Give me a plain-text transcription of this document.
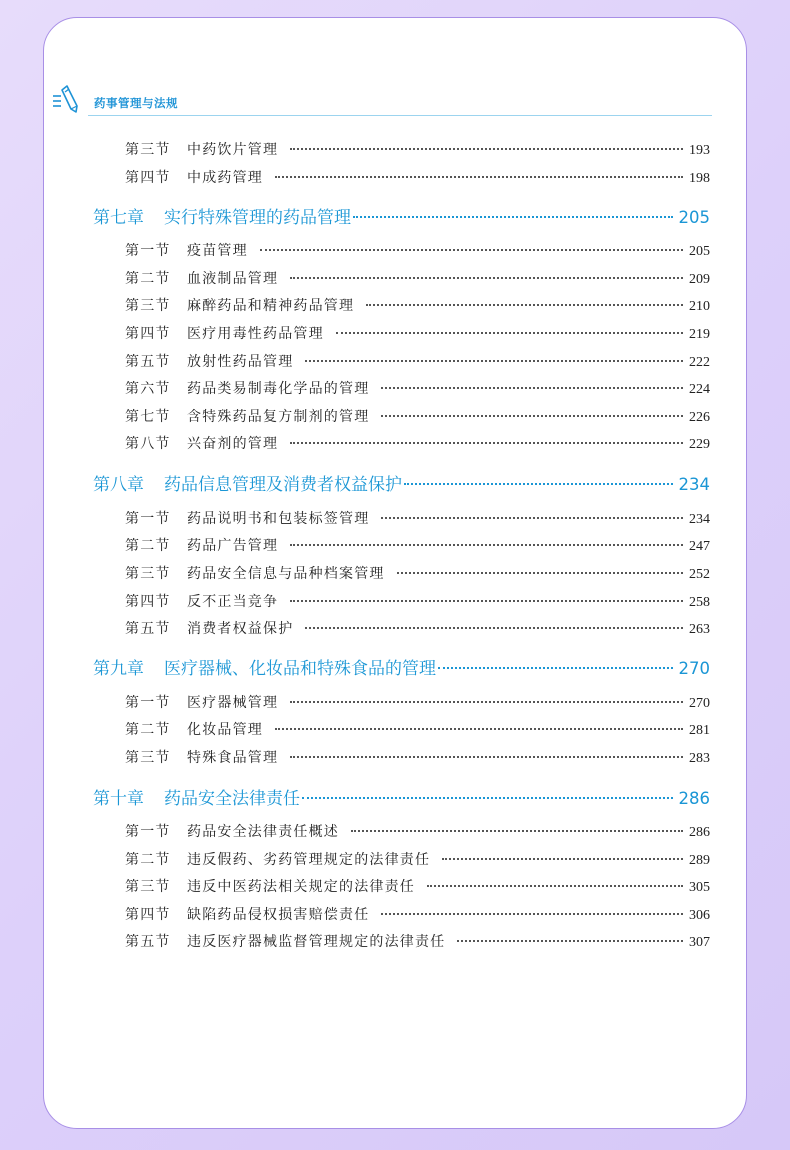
药事管理与法规
第三节	中药饮片管理	193
第四节	中成药管理	198
第七章	实行特殊管理的药品管理	205
第一节	疫苗管理	205
第二节	血液制品管理	209
第三节	麻醉药品和精神药品管理	210
第四节	医疗用毒性药品管理	219
第五节	放射性药品管理	222
第六节	药品类易制毒化学品的管理	224
第七节	含特殊药品复方制剂的管理	226
第八节	兴奋剂的管理	229
第八章	药品信息管理及消费者权益保护	234
第一节	药品说明书和包装标签管理	234
第二节	药品广告管理	247
第三节	药品安全信息与品种档案管理	252
第四节	反不正当竞争	258
第五节	消费者权益保护	263
第九章	医疗器械、化妆品和特殊食品的管理	270
第一节	医疗器械管理	270
第二节	化妆品管理	281
第三节	特殊食品管理	283
第十章	药品安全法律责任	286
第一节	药品安全法律责任概述	286
第二节	违反假药、劣药管理规定的法律责任	289
第三节	违反中医药法相关规定的法律责任	305
第四节	缺陷药品侵权损害赔偿责任	306
第五节	违反医疗器械监督管理规定的法律责任	307
